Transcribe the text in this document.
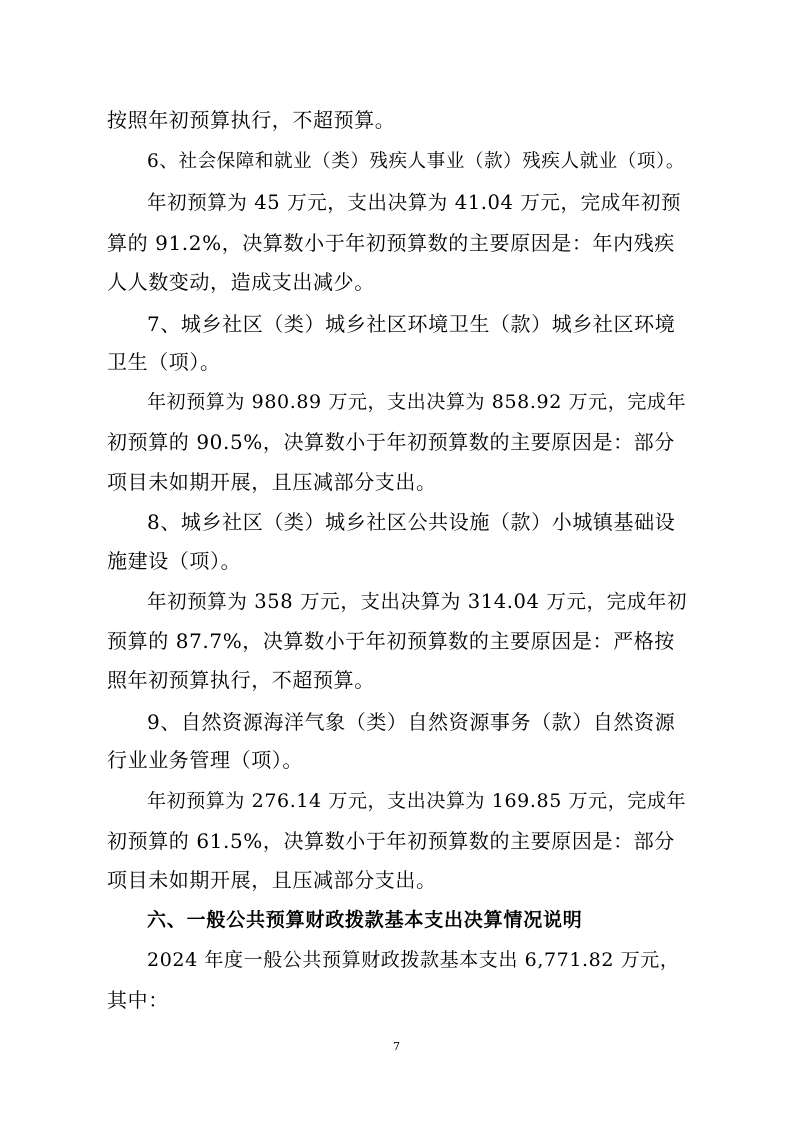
按照年初预算执行，不超预算。
6、社会保障和就业（类）残疾人事业（款）残疾人就业（项）。
年初预算为 45 万元，支出决算为 41.04 万元，完成年初预
算的 91.2%，决算数小于年初预算数的主要原因是：年内残疾
人人数变动，造成支出减少。
7、城乡社区（类）城乡社区环境卫生（款）城乡社区环境
卫生（项）。
年初预算为 980.89 万元，支出决算为 858.92 万元，完成年
初预算的 90.5%，决算数小于年初预算数的主要原因是：部分
项目未如期开展，且压减部分支出。
8、城乡社区（类）城乡社区公共设施（款）小城镇基础设
施建设（项）。
年初预算为 358 万元，支出决算为 314.04 万元，完成年初
预算的 87.7%，决算数小于年初预算数的主要原因是：严格按
照年初预算执行，不超预算。
9、自然资源海洋气象（类）自然资源事务（款）自然资源
行业业务管理（项）。
年初预算为 276.14 万元，支出决算为 169.85 万元，完成年
初预算的 61.5%，决算数小于年初预算数的主要原因是：部分
项目未如期开展，且压减部分支出。
六、一般公共预算财政拨款基本支出决算情况说明
2024 年度一般公共预算财政拨款基本支出 6,771.82 万元，
其中：
7
